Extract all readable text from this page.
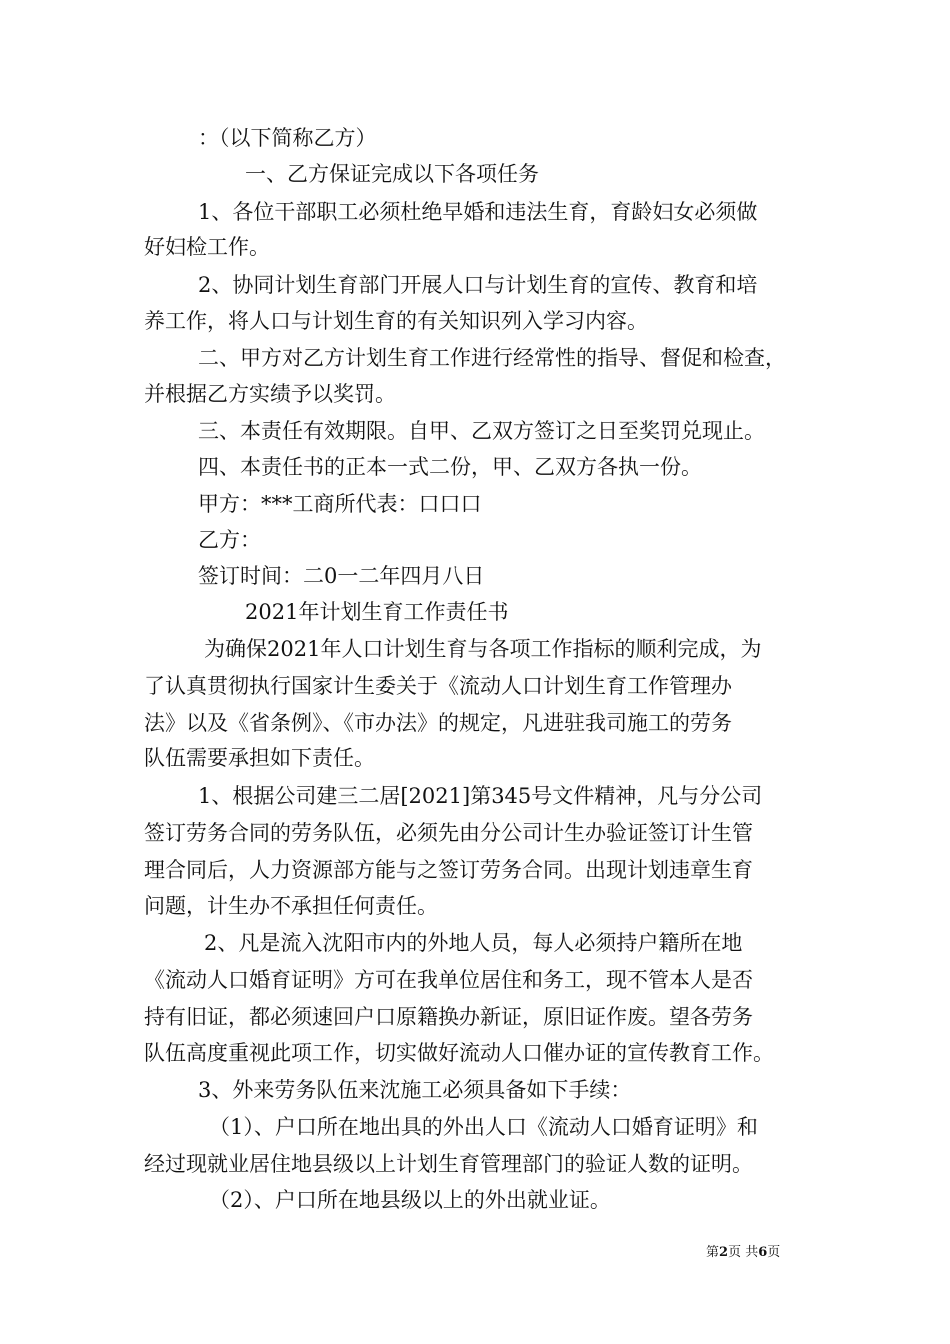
：（以下简称乙方）
一、乙方保证完成以下各项任务
1、各位干部职工必须杜绝早婚和违法生育，育龄妇女必须做
好妇检工作。
2、协同计划生育部门开展人口与计划生育的宣传、教育和培
养工作，将人口与计划生育的有关知识列入学习内容。
二、甲方对乙方计划生育工作进行经常性的指导、督促和检查，
并根据乙方实绩予以奖罚。
三、本责任有效期限。自甲、乙双方签订之日至奖罚兑现止。
四、本责任书的正本一式二份，甲、乙双方各执一份。
甲方：***工商所代表：口口口
乙方：
签订时间：二0一二年四月八日
2021年计划生育工作责任书
为确保2021年人口计划生育与各项工作指标的顺利完成，为
了认真贯彻执行国家计生委关于《流动人口计划生育工作管理办
法》以及《省条例》、《市办法》的规定，凡进驻我司施工的劳务
队伍需要承担如下责任。
1、根据公司建三二居[2021]第345号文件精神，凡与分公司
签订劳务合同的劳务队伍，必须先由分公司计生办验证签订计生管
理合同后，人力资源部方能与之签订劳务合同。出现计划违章生育
问题，计生办不承担任何责任。
2、凡是流入沈阳市内的外地人员，每人必须持户籍所在地
《流动人口婚育证明》方可在我单位居住和务工，现不管本人是否
持有旧证，都必须速回户口原籍换办新证，原旧证作废。望各劳务
队伍高度重视此项工作，切实做好流动人口催办证的宣传教育工作。
3、外来劳务队伍来沈施工必须具备如下手续：
（1）、户口所在地出具的外出人口《流动人口婚育证明》和
经过现就业居住地县级以上计划生育管理部门的验证人数的证明。
（2）、户口所在地县级以上的外出就业证。
第2页 共6页
